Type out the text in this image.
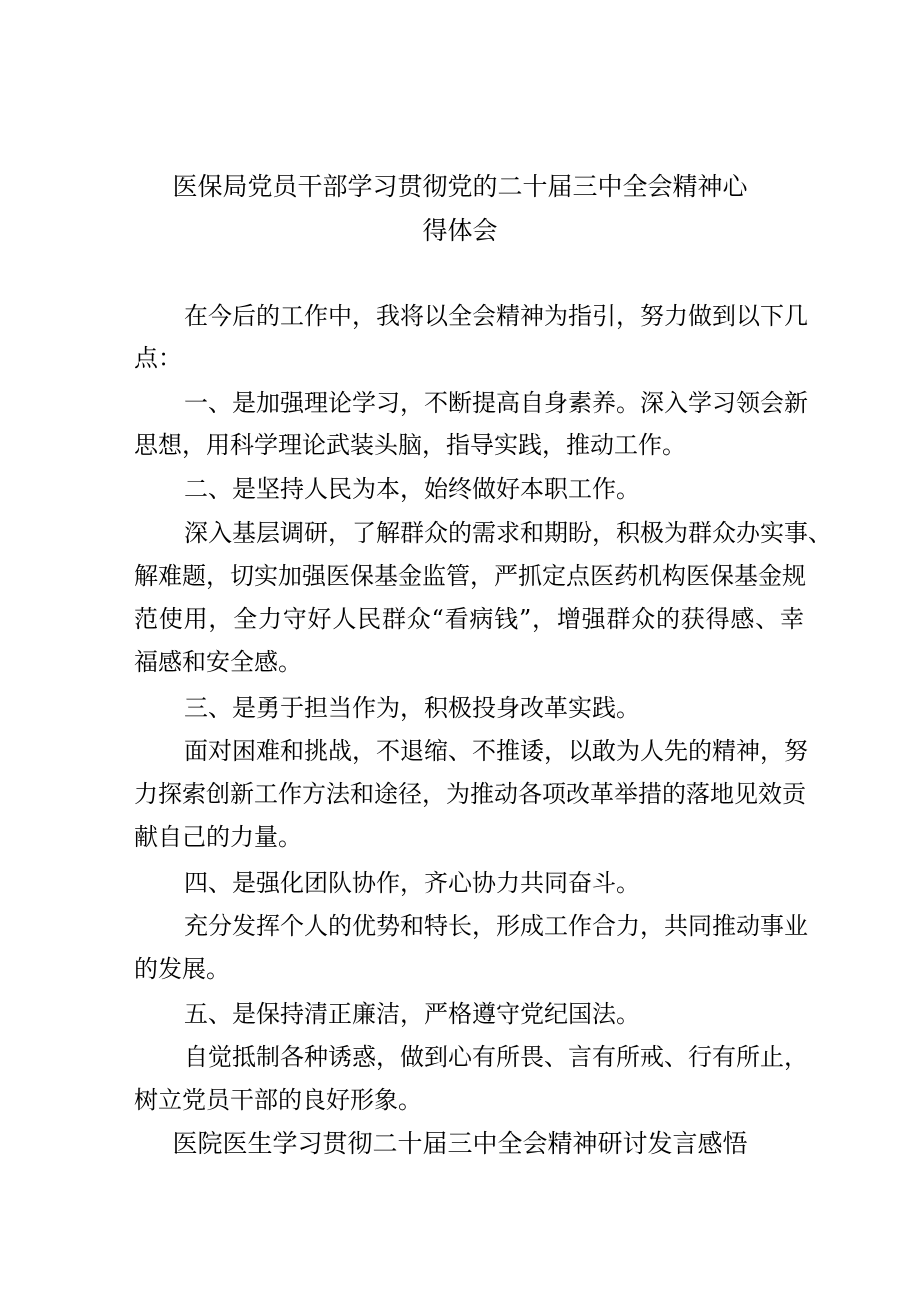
医保局党员干部学习贯彻党的二十届三中全会精神心
得体会
在今后的工作中，我将以全会精神为指引，努力做到以下几
点：
一、是加强理论学习，不断提高自身素养。深入学习领会新
思想，用科学理论武装头脑，指导实践，推动工作。
二、是坚持人民为本，始终做好本职工作。
深入基层调研，了解群众的需求和期盼，积极为群众办实事、
解难题，切实加强医保基金监管，严抓定点医药机构医保基金规
范使用，全力守好人民群众“看病钱”，增强群众的获得感、幸
福感和安全感。
三、是勇于担当作为，积极投身改革实践。
面对困难和挑战，不退缩、不推诿，以敢为人先的精神，努
力探索创新工作方法和途径，为推动各项改革举措的落地见效贡
献自己的力量。
四、是强化团队协作，齐心协力共同奋斗。
充分发挥个人的优势和特长，形成工作合力，共同推动事业
的发展。
五、是保持清正廉洁，严格遵守党纪国法。
自觉抵制各种诱惑，做到心有所畏、言有所戒、行有所止，
树立党员干部的良好形象。
医院医生学习贯彻二十届三中全会精神研讨发言感悟
